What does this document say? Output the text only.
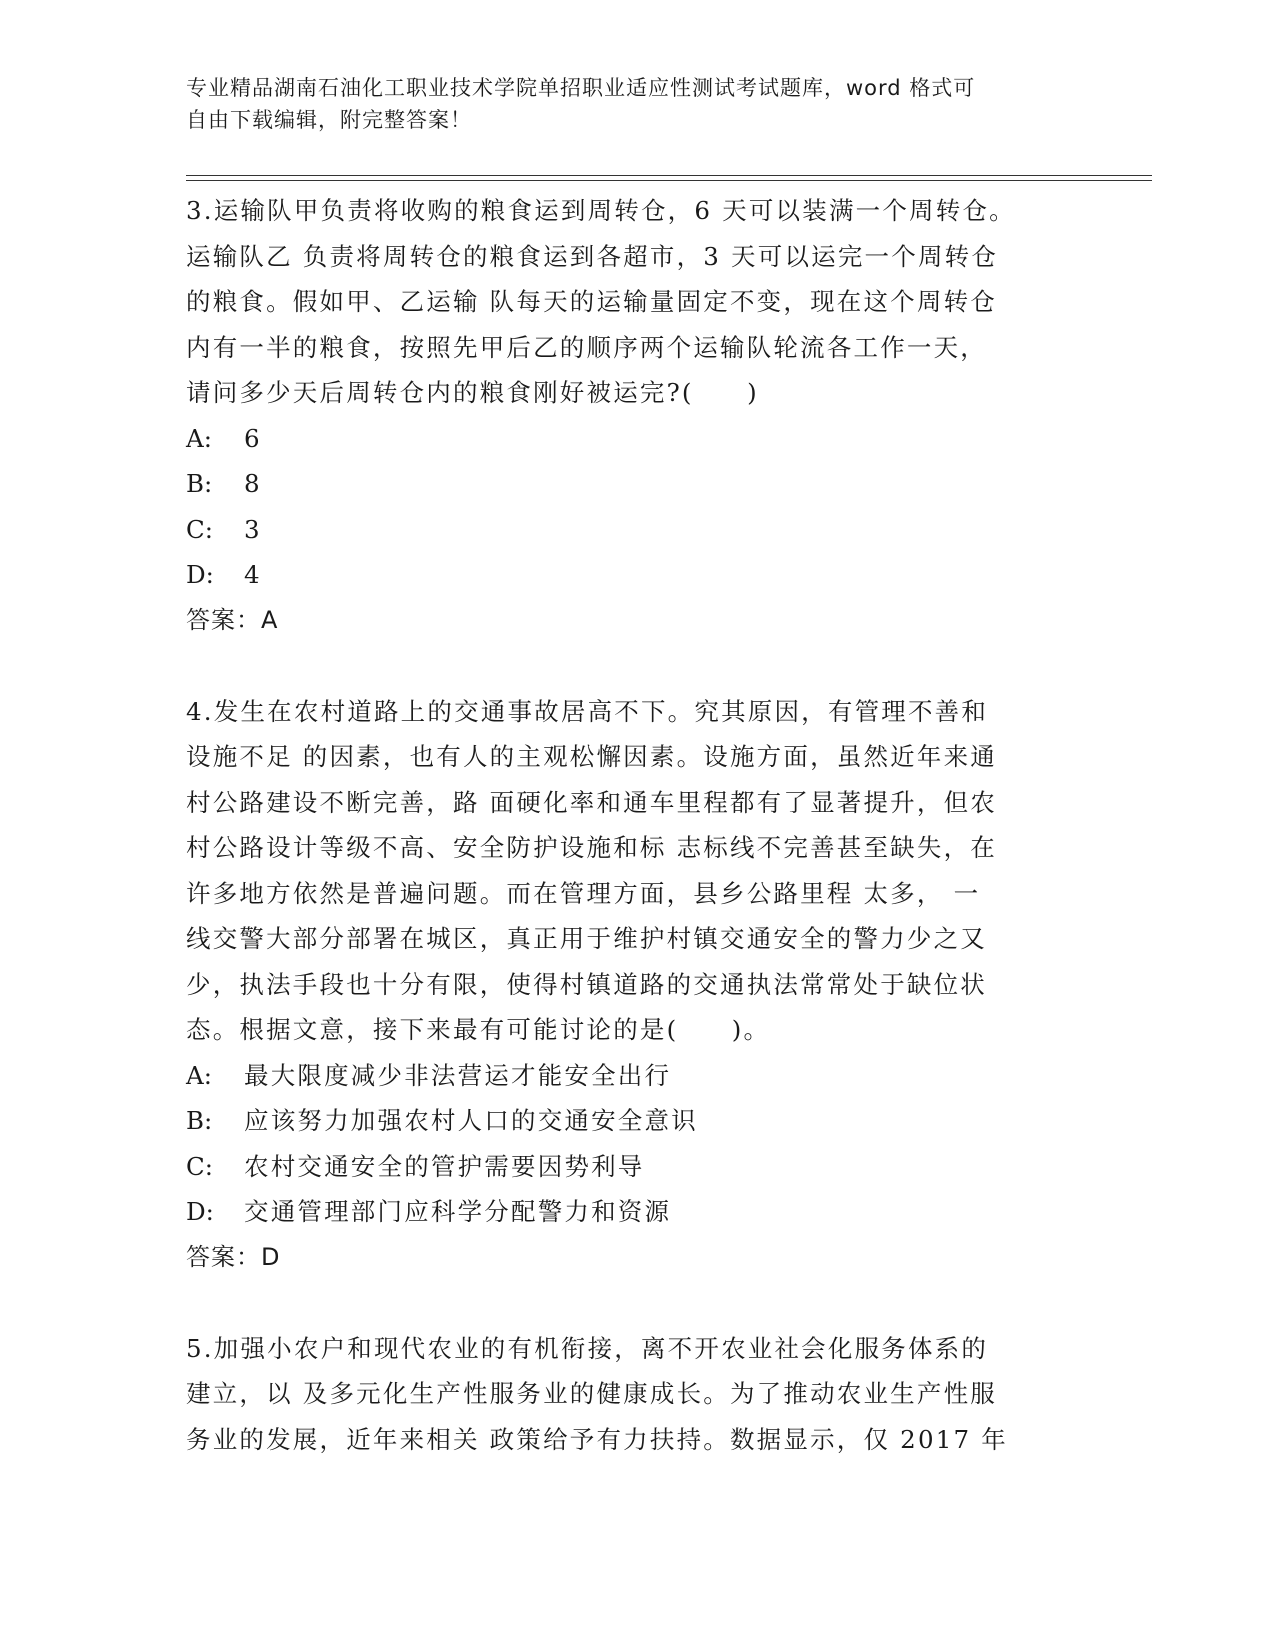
专业精品湖南石油化工职业技术学院单招职业适应性测试考试题库，word 格式可
自由下载编辑，附完整答案！
3.运输队甲负责将收购的粮食运到周转仓，6 天可以装满一个周转仓。
运输队乙 负责将周转仓的粮食运到各超市，3 天可以运完一个周转仓
的粮食。假如甲、乙运输 队每天的运输量固定不变，现在这个周转仓
内有一半的粮食，按照先甲后乙的顺序两个运输队轮流各工作一天，
请问多少天后周转仓内的粮食刚好被运完?(　　)
A: 6
B: 8
C: 3
D: 4
答案：A
4.发生在农村道路上的交通事故居高不下。究其原因，有管理不善和
设施不足 的因素，也有人的主观松懈因素。设施方面，虽然近年来通
村公路建设不断完善，路 面硬化率和通车里程都有了显著提升，但农
村公路设计等级不高、安全防护设施和标 志标线不完善甚至缺失，在
许多地方依然是普遍问题。而在管理方面，县乡公路里程 太多， 一
线交警大部分部署在城区，真正用于维护村镇交通安全的警力少之又
少，执法手段也十分有限，使得村镇道路的交通执法常常处于缺位状
态。根据文意，接下来最有可能讨论的是(　　)。
A: 最大限度减少非法营运才能安全出行
B: 应该努力加强农村人口的交通安全意识
C: 农村交通安全的管护需要因势利导
D: 交通管理部门应科学分配警力和资源
答案：D
5.加强小农户和现代农业的有机衔接，离不开农业社会化服务体系的
建立，以 及多元化生产性服务业的健康成长。为了推动农业生产性服
务业的发展，近年来相关 政策给予有力扶持。数据显示，仅 2017 年
